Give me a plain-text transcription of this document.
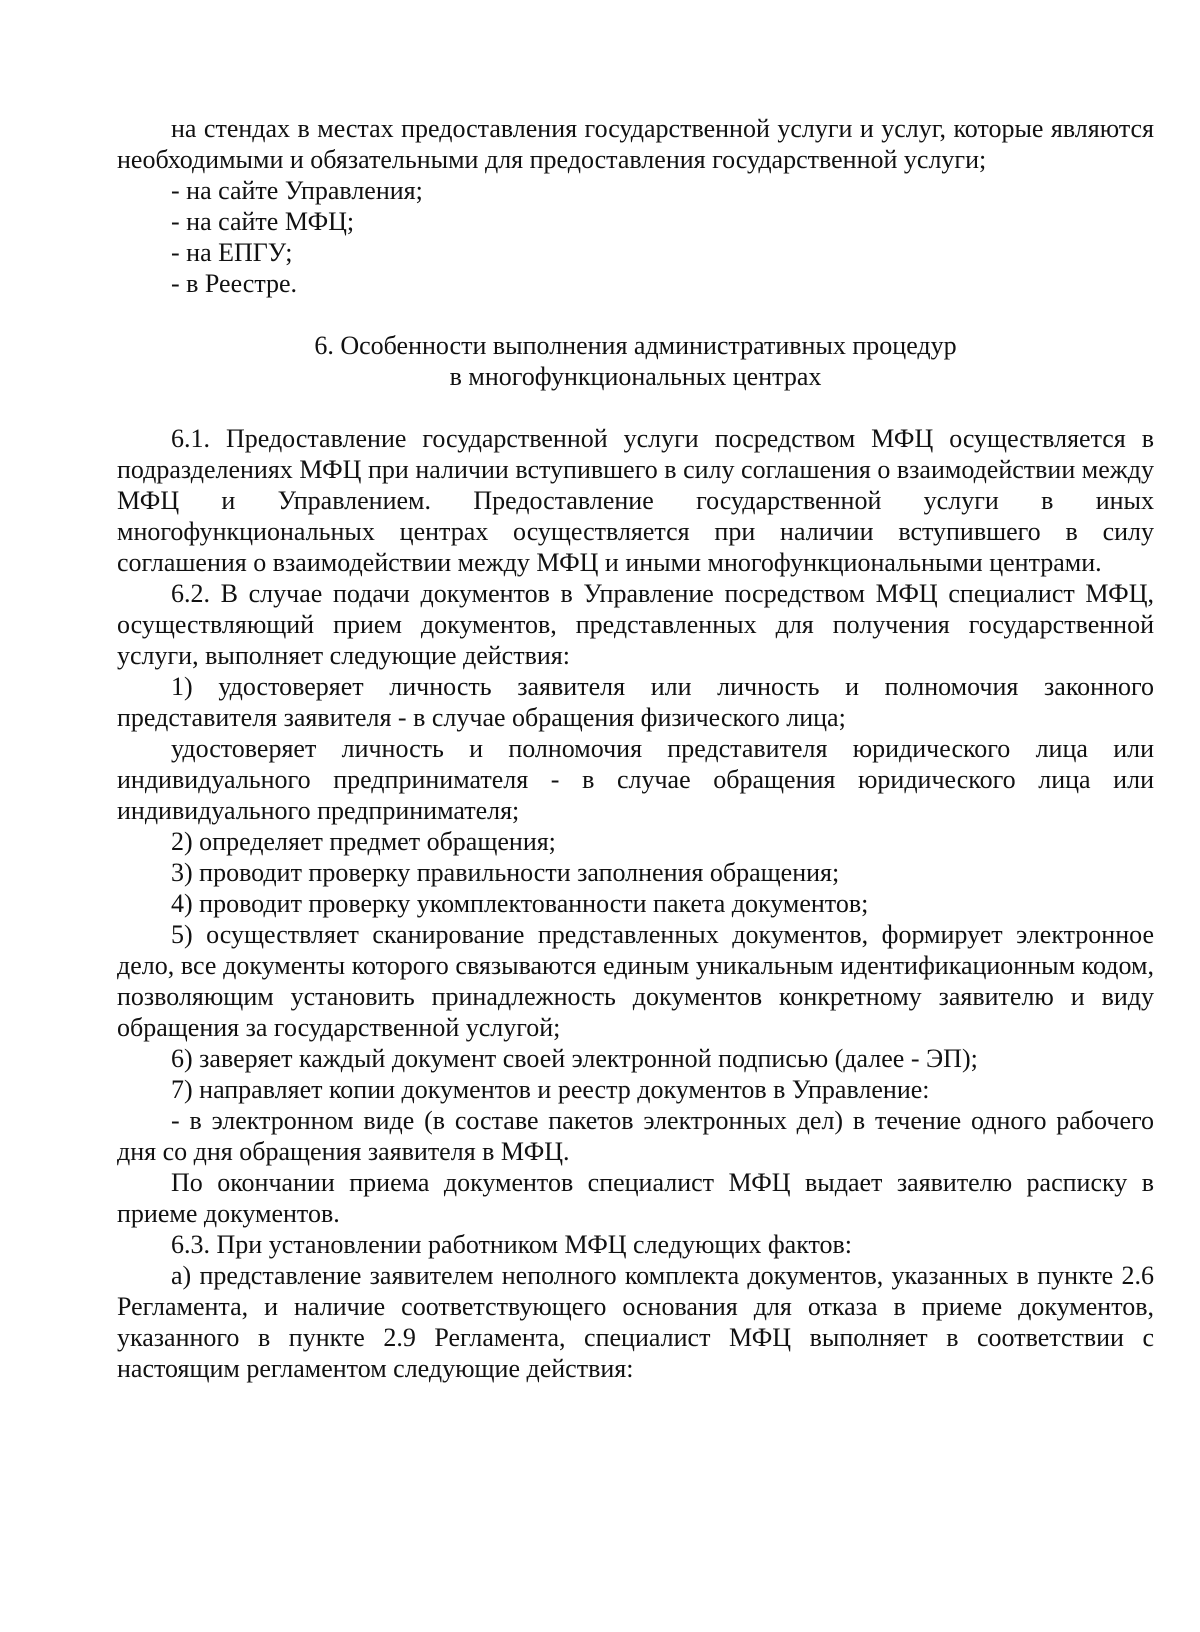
на стендах в местах предоставления государственной услуги и услуг, которые являются необходимыми и обязательными для предоставления государственной услуги;

- на сайте Управления;

- на сайте МФЦ;

- на ЕПГУ;

- в Реестре.

6. Особенности выполнения административных процедур

в многофункциональных центрах

6.1. Предоставление государственной услуги посредством МФЦ осуществляется в подразделениях МФЦ при наличии вступившего в силу соглашения о взаимодействии между МФЦ и Управлением. Предоставление государственной услуги в иных многофункциональных центрах осуществляется при наличии вступившего в силу соглашения о взаимодействии между МФЦ и иными многофункциональными центрами.

6.2. В случае подачи документов в Управление посредством МФЦ специалист МФЦ, осуществляющий прием документов, представленных для получения государственной услуги, выполняет следующие действия:

1) удостоверяет личность заявителя или личность и полномочия законного представителя заявителя - в случае обращения физического лица;

удостоверяет личность и полномочия представителя юридического лица или индивидуального предпринимателя - в случае обращения юридического лица или индивидуального предпринимателя;

2) определяет предмет обращения;

3) проводит проверку правильности заполнения обращения;

4) проводит проверку укомплектованности пакета документов;

5) осуществляет сканирование представленных документов, формирует электронное дело, все документы которого связываются единым уникальным идентификационным кодом, позволяющим установить принадлежность документов конкретному заявителю и виду обращения за государственной услугой;

6) заверяет каждый документ своей электронной подписью (далее - ЭП);

7) направляет копии документов и реестр документов в Управление:

- в электронном виде (в составе пакетов электронных дел) в течение одного рабочего дня со дня обращения заявителя в МФЦ.

По окончании приема документов специалист МФЦ выдает заявителю расписку в приеме документов.

6.3. При установлении работником МФЦ следующих фактов:

а) представление заявителем неполного комплекта документов, указанных в пункте 2.6 Регламента, и наличие соответствующего основания для отказа в приеме документов, указанного в пункте 2.9 Регламента, специалист МФЦ выполняет в соответствии с настоящим регламентом следующие действия:
